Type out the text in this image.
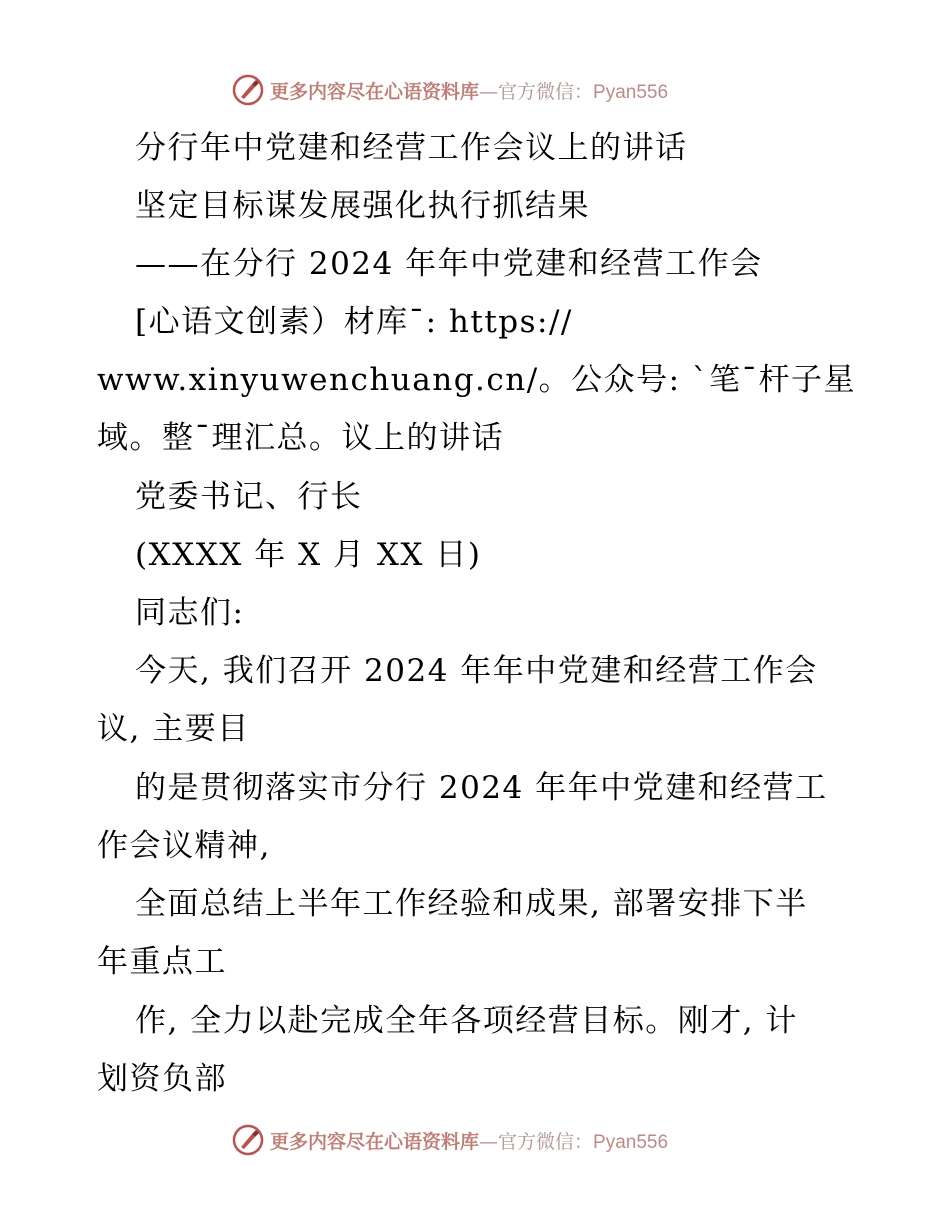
更多内容尽在心语资料库—官方微信：Pyan556
分行年中党建和经营工作会议上的讲话
坚定目标谋发展强化执行抓结果
——在分行 2024 年年中党建和经营工作会
[心语文创素）材库¯: https://
www.xinyuwenchuang.cn/。公众号: `笔¯杆子星
域。整¯理汇总。议上的讲话
党委书记、行长
(XXXX 年 X 月 XX 日)
同志们:
今天, 我们召开 2024 年年中党建和经营工作会
议, 主要目
的是贯彻落实市分行 2024 年年中党建和经营工
作会议精神,
全面总结上半年工作经验和成果, 部署安排下半
年重点工
作, 全力以赴完成全年各项经营目标。刚才, 计
划资负部
更多内容尽在心语资料库—官方微信：Pyan556
